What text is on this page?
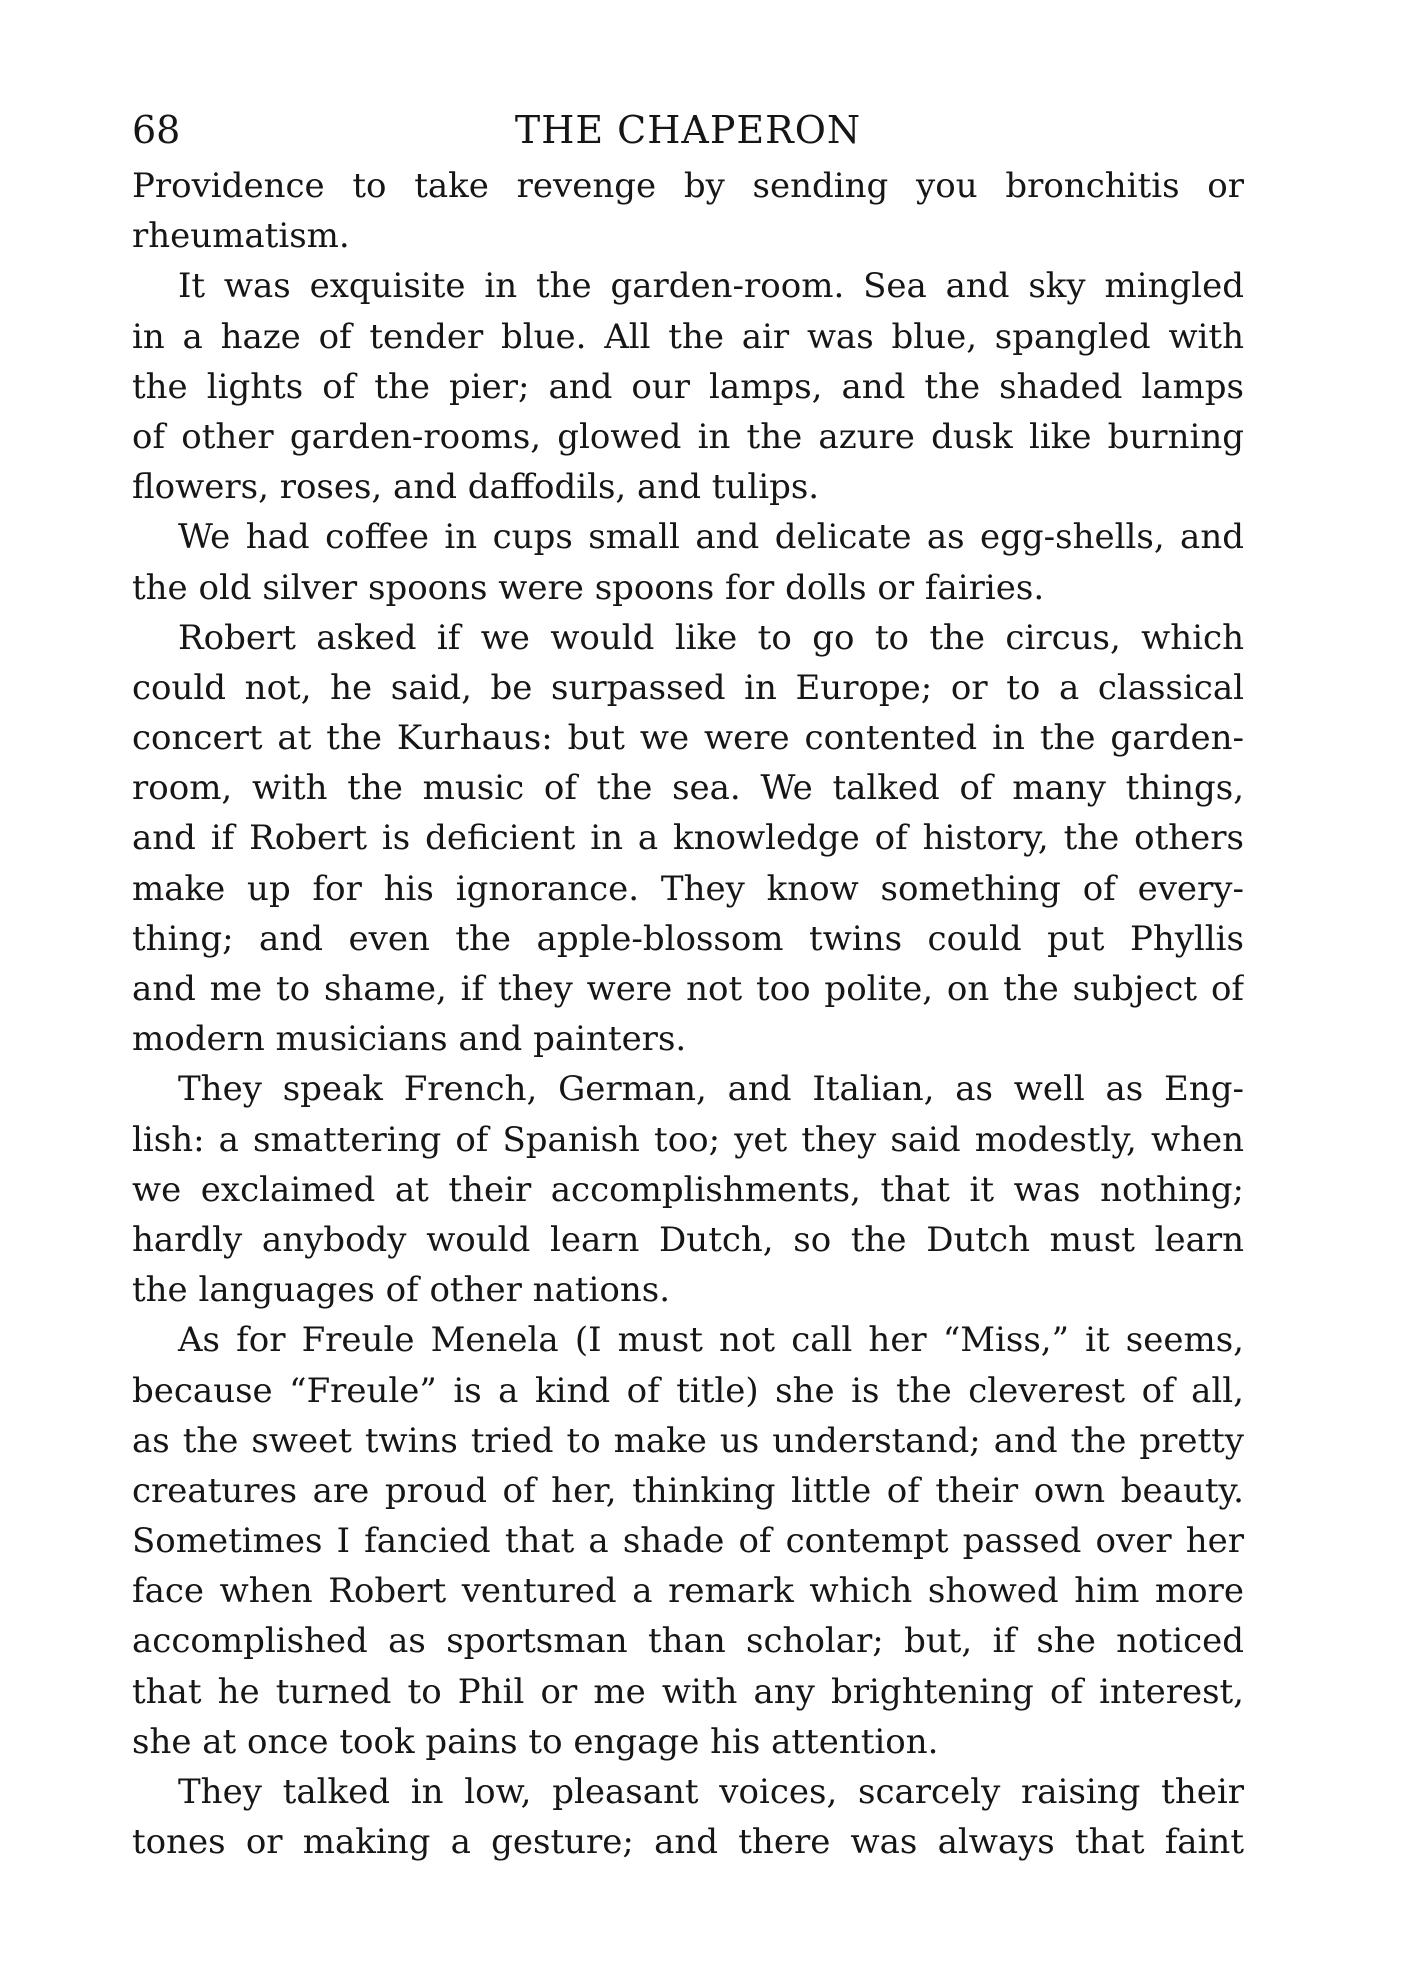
68	THE CHAPERON
Providence to take revenge by sending you bronchitis or
rheumatism.
It was exquisite in the garden-room. Sea and sky mingled
in a haze of tender blue. All the air was blue, spangled with
the lights of the pier; and our lamps, and the shaded lamps
of other garden-rooms, glowed in the azure dusk like burning
flowers, roses, and daffodils, and tulips.
We had coffee in cups small and delicate as egg-shells, and
the old silver spoons were spoons for dolls or fairies.
Robert asked if we would like to go to the circus, which
could not, he said, be surpassed in Europe; or to a classical
concert at the Kurhaus: but we were contented in the garden-
room, with the music of the sea. We talked of many things,
and if Robert is deficient in a knowledge of history, the others
make up for his ignorance. They know something of every-
thing; and even the apple-blossom twins could put Phyllis
and me to shame, if they were not too polite, on the subject of
modern musicians and painters.
They speak French, German, and Italian, as well as Eng-
lish: a smattering of Spanish too; yet they said modestly, when
we exclaimed at their accomplishments, that it was nothing;
hardly anybody would learn Dutch, so the Dutch must learn
the languages of other nations.
As for Freule Menela (I must not call her “Miss,” it seems,
because “Freule” is a kind of title) she is the cleverest of all,
as the sweet twins tried to make us understand; and the pretty
creatures are proud of her, thinking little of their own beauty.
Sometimes I fancied that a shade of contempt passed over her
face when Robert ventured a remark which showed him more
accomplished as sportsman than scholar; but, if she noticed
that he turned to Phil or me with any brightening of interest,
she at once took pains to engage his attention.
They talked in low, pleasant voices, scarcely raising their
tones or making a gesture; and there was always that faint
